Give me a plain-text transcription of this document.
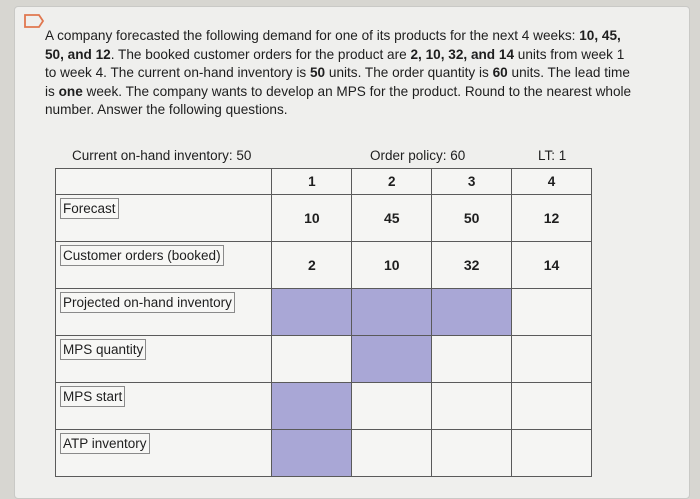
A company forecasted the following demand for one of its products for the next 4 weeks: 10, 45, 50, and 12. The booked customer orders for the product are 2, 10, 32, and 14 units from week 1 to week 4. The current on-hand inventory is 50 units. The order quantity is 60 units. The lead time is one week. The company wants to develop an MPS for the product. Round to the nearest whole number. Answer the following questions.

Current on-hand inventory: 50	Order policy: 60	LT: 1
	1	2	3	4
Forecast	10	45	50	12
Customer orders (booked)	2	10	32	14
Projected on-hand inventory				
MPS quantity				
MPS start				
ATP inventory				
